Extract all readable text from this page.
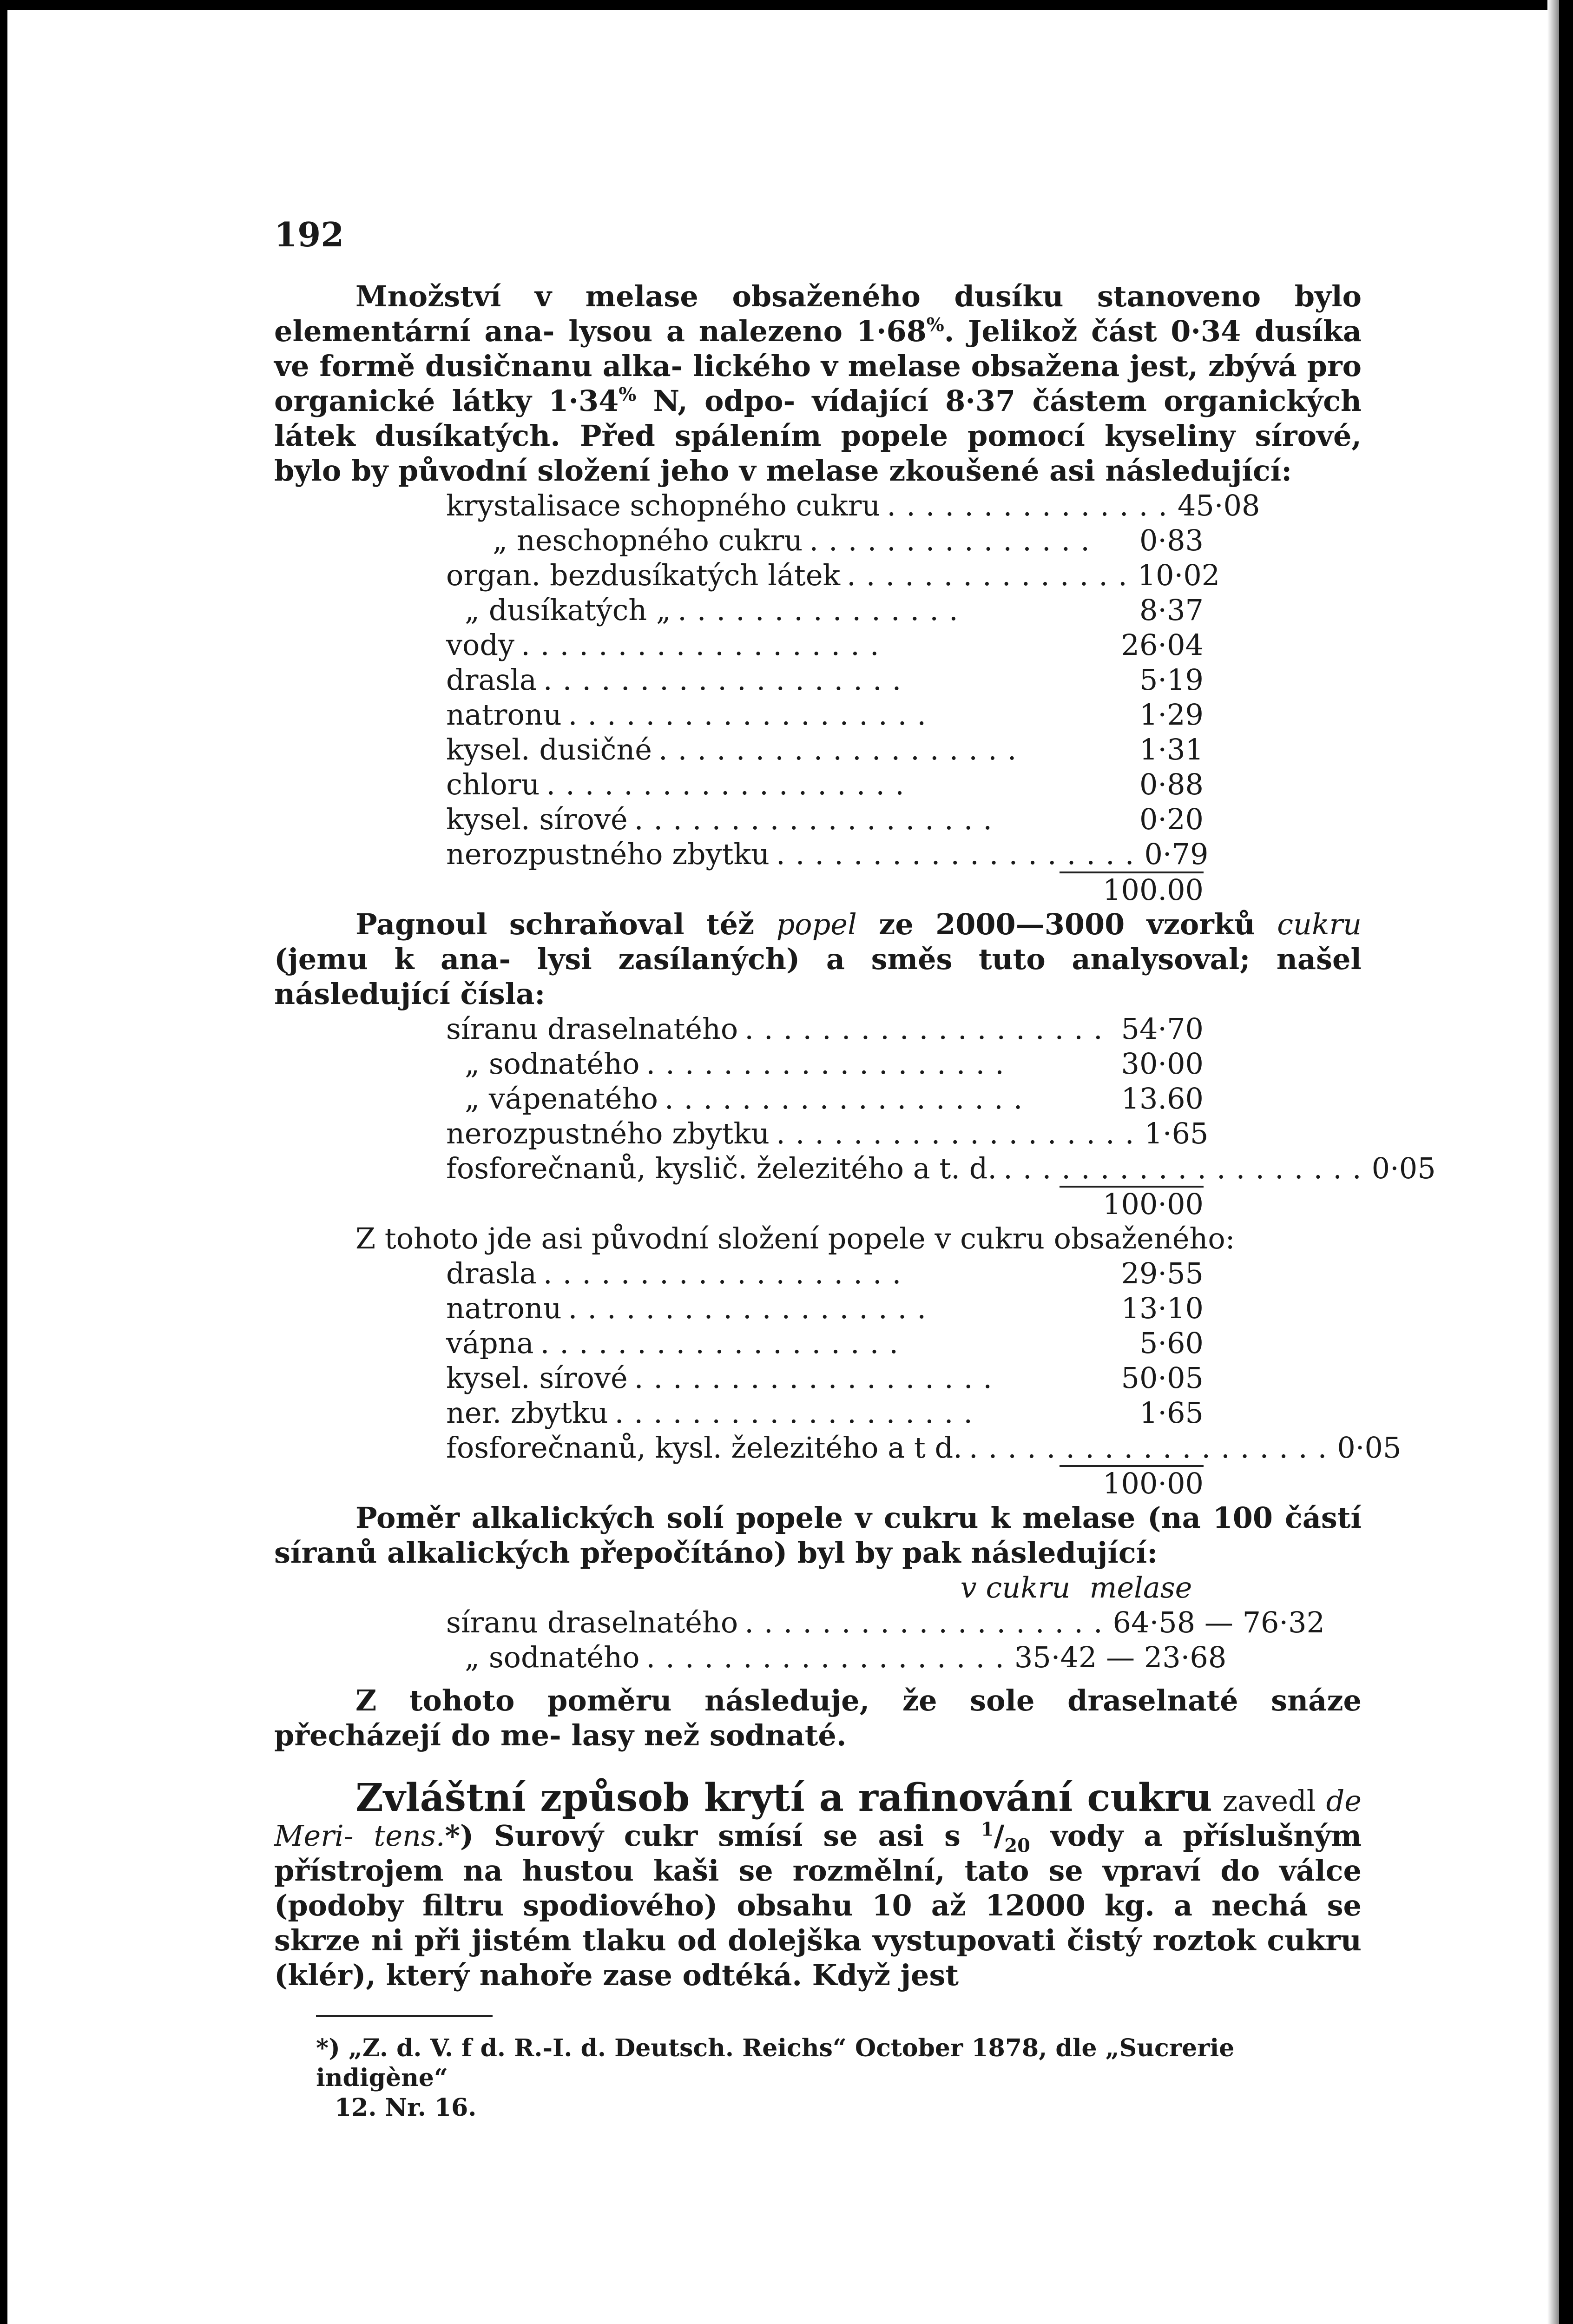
192

Množství v melase obsaženého dusíku stanoveno bylo elementární ana- lysou a nalezeno 1·68%. Jelikož část 0·34 dusíka ve formě dusičnanu alka- lického v melase obsažena jest, zbývá pro organické látky 1·34% N, odpo- vídající 8·37 částem organických látek dusíkatých. Před spálením popele pomocí kyseliny sírové, bylo by původní složení jeho v melase zkoušené asi následující:

krystalisace schopného cukru ............... 45·08
„ neschopného cukru ...............	0·83
organ. bezdusíkatých látek ............... 10·02
„ dusíkatých „ ...............	8·37
vody ...................	26·04
drasla ...................	5·19
natronu ...................	1·29
kysel. dusičné ...................	1·31
chloru ...................	0·88
kysel. sírové ...................	0·20
nerozpustného zbytku ................... 0·79
100.00

Pagnoul schraňoval též popel ze 2000—3000 vzorků cukru (jemu k ana- lysi zasílaných) a směs tuto analysoval; našel následující čísla:

síranu draselnatého ................... 54·70
„ sodnatého ...................	30·00
„ vápenatého ...................	13.60
nerozpustného zbytku ................... 1·65
fosforečnanů, kyslič. železitého a t. d. ................... 0·05
100·00

Z tohoto jde asi původní složení popele v cukru obsaženého:

drasla ...................	29·55
natronu ...................	13·10
vápna ...................	5·60
kysel. sírové ...................	50·05
ner. zbytku ...................	1·65
fosforečnanů, kysl. železitého a t d. ................... 0·05
100·00

Poměr alkalických solí popele v cukru k melase (na 100 částí síranů alkalických přepočítáno) byl by pak následující:

v cukru melase
síranu draselnatého ................... 64·58 — 76·32
„ sodnatého ................... 35·42 — 23·68

Z tohoto poměru následuje, že sole draselnaté snáze přecházejí do me- lasy než sodnaté.

Zvláštní způsob krytí a rafinování cukru zavedl de Meri- tens.*) Surový cukr smísí se asi s $^1/_{20}$ vody a příslušným přístrojem na hustou kaši se rozmělní, tato se vpraví do válce (podoby filtru spodiového) obsahu 10 až 12000 kg. a nechá se skrze ni při jistém tlaku od dolejška vystupovati čistý roztok cukru (klér), který nahoře zase odtéká. Když jest

*) „Z. d. V. f d. R.-I. d. Deutsch. Reichs“ October 1878, dle „Sucrerie indigène“
12. Nr. 16.
